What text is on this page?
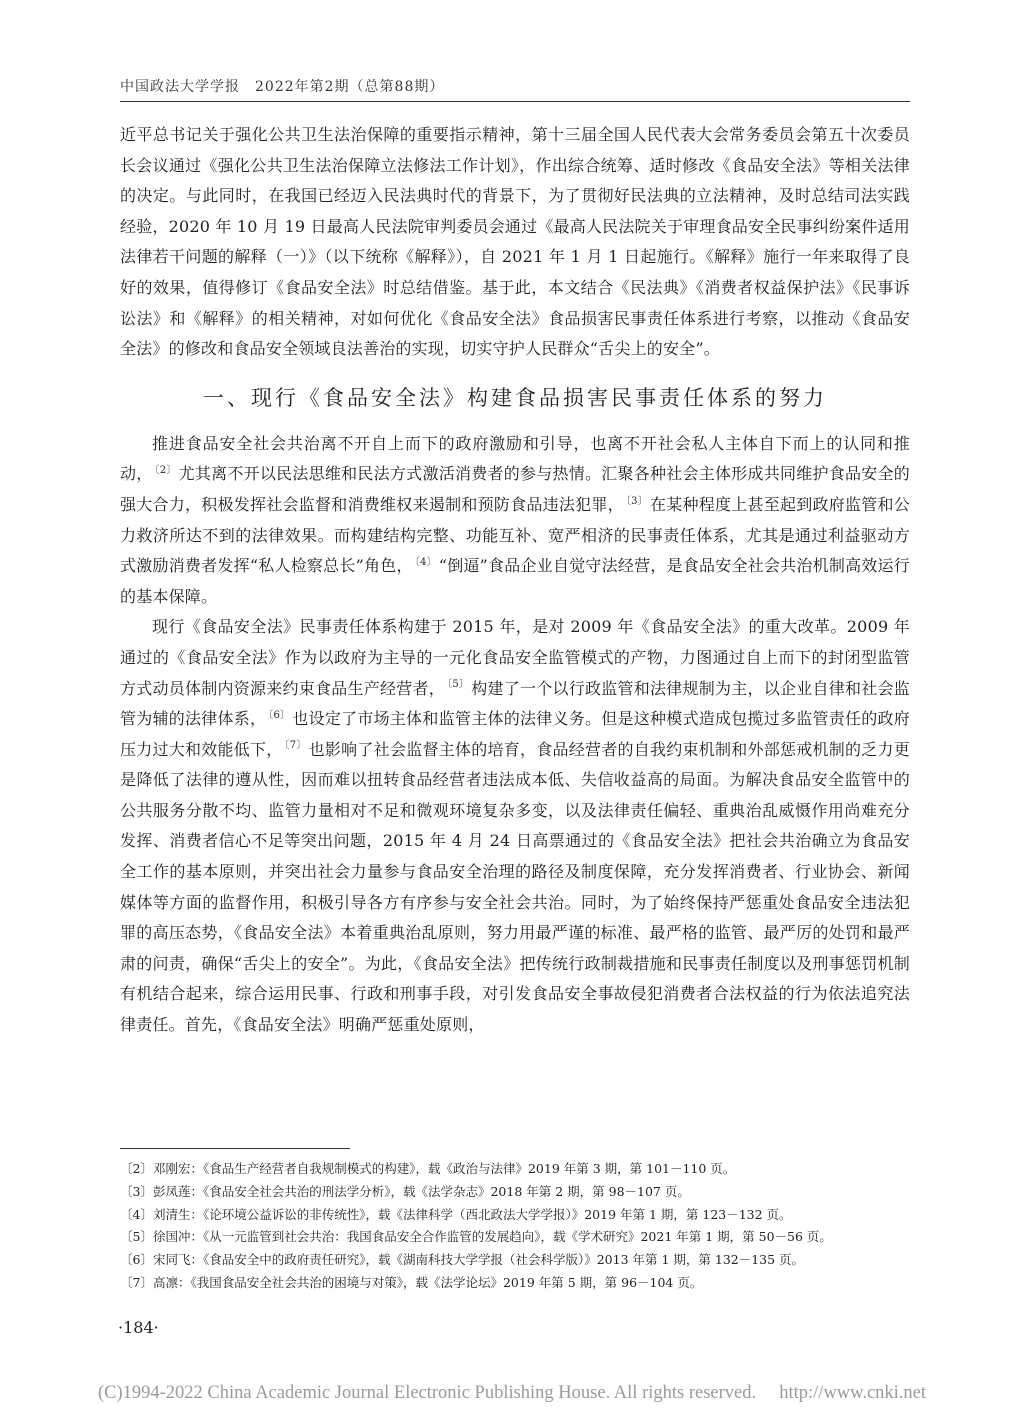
中国政法大学学报　2022年第2期（总第88期）

近平总书记关于强化公共卫生法治保障的重要指示精神，第十三届全国人民代表大会常务委员会第五十次委员长会议通过《强化公共卫生法治保障立法修法工作计划》，作出综合统筹、适时修改《食品安全法》等相关法律的决定。与此同时，在我国已经迈入民法典时代的背景下，为了贯彻好民法典的立法精神，及时总结司法实践经验，2020 年 10 月 19 日最高人民法院审判委员会通过《最高人民法院关于审理食品安全民事纠纷案件适用法律若干问题的解释（一）》（以下统称《解释》），自 2021 年 1 月 1 日起施行。《解释》施行一年来取得了良好的效果，值得修订《食品安全法》时总结借鉴。基于此，本文结合《民法典》《消费者权益保护法》《民事诉讼法》和《解释》的相关精神，对如何优化《食品安全法》食品损害民事责任体系进行考察，以推动《食品安全法》的修改和食品安全领域良法善治的实现，切实守护人民群众“舌尖上的安全”。

一、现行《食品安全法》构建食品损害民事责任体系的努力

推进食品安全社会共治离不开自上而下的政府激励和引导，也离不开社会私人主体自下而上的认同和推动， $^{〔2〕}$ 尤其离不开以民法思维和民法方式激活消费者的参与热情。汇聚各种社会主体形成共同维护食品安全的强大合力，积极发挥社会监督和消费维权来遏制和预防食品违法犯罪， $^{〔3〕}$ 在某种程度上甚至起到政府监管和公力救济所达不到的法律效果。而构建结构完整、功能互补、宽严相济的民事责任体系，尤其是通过利益驱动方式激励消费者发挥“私人检察总长”角色， $^{〔4〕}$ “倒逼”食品企业自觉守法经营，是食品安全社会共治机制高效运行的基本保障。

现行《食品安全法》民事责任体系构建于 2015 年，是对 2009 年《食品安全法》的重大改革。2009 年通过的《食品安全法》作为以政府为主导的一元化食品安全监管模式的产物，力图通过自上而下的封闭型监管方式动员体制内资源来约束食品生产经营者， $^{〔5〕}$ 构建了一个以行政监管和法律规制为主，以企业自律和社会监管为辅的法律体系， $^{〔6〕}$ 也设定了市场主体和监管主体的法律义务。但是这种模式造成包揽过多监管责任的政府压力过大和效能低下， $^{〔7〕}$ 也影响了社会监督主体的培育，食品经营者的自我约束机制和外部惩戒机制的乏力更是降低了法律的遵从性，因而难以扭转食品经营者违法成本低、失信收益高的局面。为解决食品安全监管中的公共服务分散不均、监管力量相对不足和微观环境复杂多变，以及法律责任偏轻、重典治乱威慑作用尚难充分发挥、消费者信心不足等突出问题，2015 年 4 月 24 日高票通过的《食品安全法》把社会共治确立为食品安全工作的基本原则，并突出社会力量参与食品安全治理的路径及制度保障，充分发挥消费者、行业协会、新闻媒体等方面的监督作用，积极引导各方有序参与安全社会共治。同时，为了始终保持严惩重处食品安全违法犯罪的高压态势，《食品安全法》本着重典治乱原则，努力用最严谨的标准、最严格的监管、最严厉的处罚和最严肃的问责，确保“舌尖上的安全”。为此，《食品安全法》把传统行政制裁措施和民事责任制度以及刑事惩罚机制有机结合起来，综合运用民事、行政和刑事手段，对引发食品安全事故侵犯消费者合法权益的行为依法追究法律责任。首先，《食品安全法》明确严惩重处原则，

〔2〕邓刚宏：《食品生产经营者自我规制模式的构建》，载《政治与法律》2019 年第 3 期，第 101－110 页。
〔3〕彭凤莲：《食品安全社会共治的刑法学分析》，载《法学杂志》2018 年第 2 期，第 98－107 页。
〔4〕刘清生：《论环境公益诉讼的非传统性》，载《法律科学（西北政法大学学报）》2019 年第 1 期，第 123－132 页。
〔5〕徐国冲：《从一元监管到社会共治：我国食品安全合作监管的发展趋向》，载《学术研究》2021 年第 1 期，第 50－56 页。
〔6〕宋同飞：《食品安全中的政府责任研究》，载《湖南科技大学学报（社会科学版）》2013 年第 1 期，第 132－135 页。
〔7〕高凛：《我国食品安全社会共治的困境与对策》，载《法学论坛》2019 年第 5 期，第 96－104 页。
·184·
(C)1994-2022 China Academic Journal Electronic Publishing House. All rights reserved.　 http://www.cnki.net
